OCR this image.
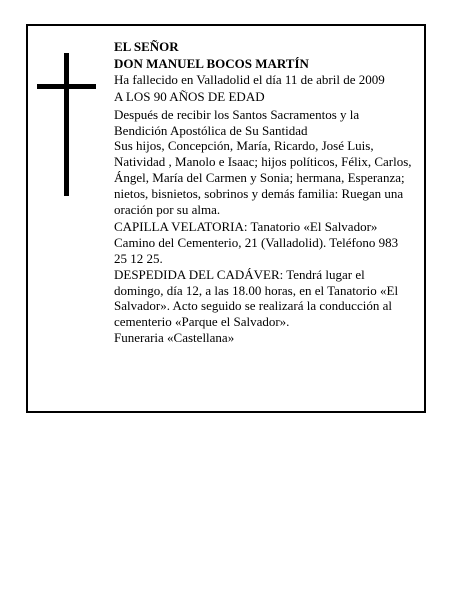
EL SEÑOR

DON MANUEL BOCOS MARTÍN

Ha fallecido en Valladolid el día 11 de abril de 2009

A LOS 90 AÑOS DE EDAD

Después de recibir los Santos Sacramentos y la Bendición Apostólica de Su Santidad

Sus hijos, Concepción, María, Ricardo, José Luis, Natividad , Manolo e Isaac; hijos políticos, Félix, Carlos, Ángel, María del Carmen y Sonia; hermana, Esperanza; nietos, bisnietos, sobrinos y demás familia: Ruegan una oración por su alma.

CAPILLA VELATORIA: Tanatorio «El Salvador» Camino del Cementerio, 21 (Valladolid). Teléfono 983 25 12 25.

DESPEDIDA DEL CADÁVER: Tendrá lugar el domingo, día 12, a las 18.00 horas, en el Tanatorio «El Salvador». Acto seguido se realizará la conducción al cementerio «Parque el Salvador».

Funeraria «Castellana»
